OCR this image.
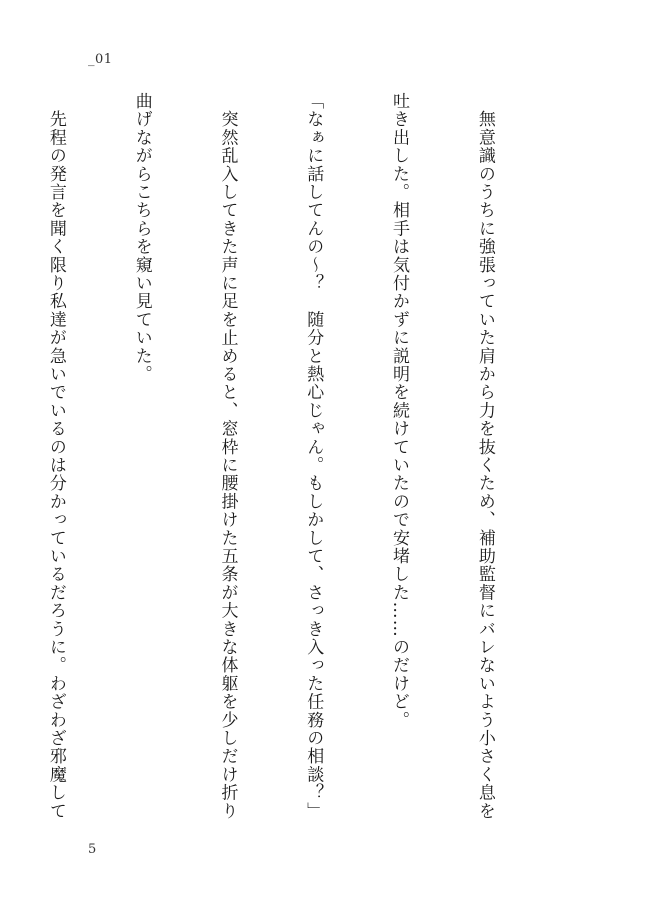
_01

　無意識のうちに強張っていた肩から力を抜くため、補助監督にバレないよう小さく息を

吐き出した。相手は気付かずに説明を続けていたので安堵した……のだけど。

「なぁに話してんの〜？　随分と熱心じゃん。もしかして、さっき入った任務の相談？」

　突然乱入してきた声に足を止めると、窓枠に腰掛けた五条が大きな体躯を少しだけ折り

曲げながらこちらを窺い見ていた。

　先程の発言を聞く限り私達が急いでいるのは分かっているだろうに。わざわざ邪魔して

5
